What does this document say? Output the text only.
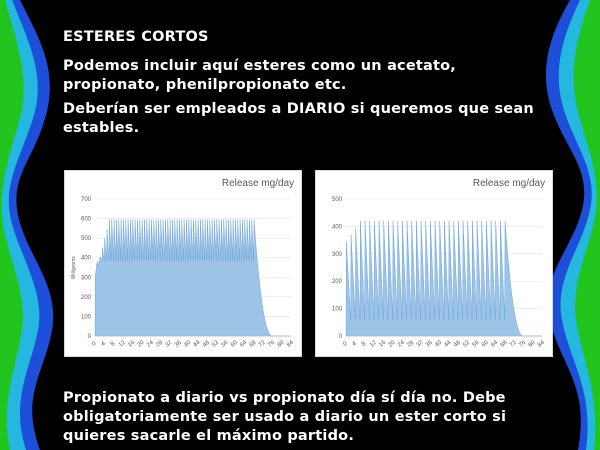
ESTERES CORTOS
Podemos incluir aquí esteres como un acetato, propionato, phenilpropionato etc.
Deberían ser empleados a DIARIO si queremos que sean estables.
Release mg/day
0
100
200
300
400
500
600
700
Milligrams
0 4 8 12 16 20 24 28 32 36 40 44 48 52 56 60 64 68 72 76 80 84
Release mg/day
0
100
200
300
400
500
0 4 8 12 16 20 24 28 32 36 40 44 48 52 56 60 64 68 72 76 80 84
Propionato a diario vs propionato día sí día no. Debe obligatoriamente ser usado a diario un ester corto si quieres sacarle el máximo partido.
